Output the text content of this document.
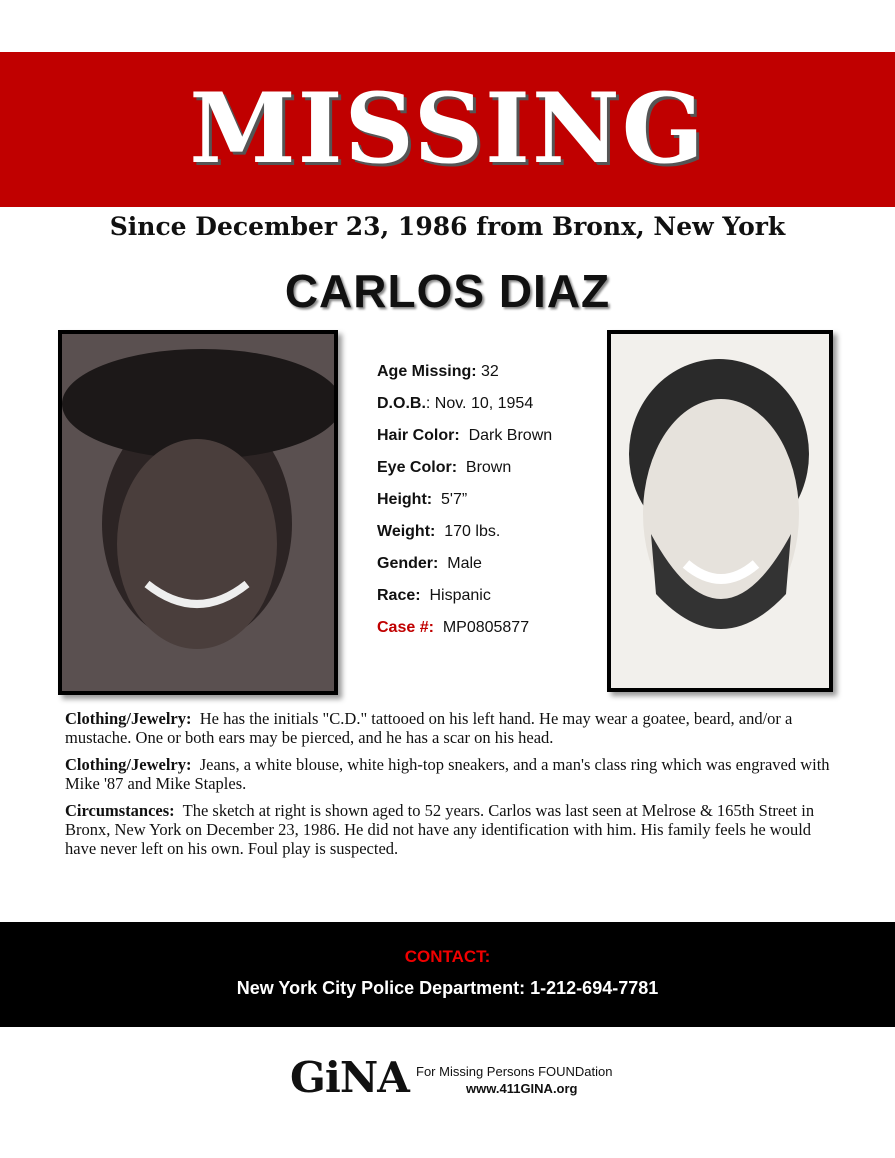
MISSING
Since December 23, 1986 from Bronx, New York
CARLOS DIAZ
Age Missing: 32
D.O.B.: Nov. 10, 1954
Hair Color: Dark Brown
Eye Color: Brown
Height: 5'7”
Weight: 170 lbs.
Gender: Male
Race: Hispanic
Case #: MP0805877

Clothing/Jewelry: He has the initials "C.D." tattooed on his left hand. He may wear a goatee, beard, and/or a mustache. One or both ears may be pierced, and he has a scar on his head.

Clothing/Jewelry: Jeans, a white blouse, white high-top sneakers, and a man's class ring which was engraved with Mike '87 and Mike Staples.

Circumstances: The sketch at right is shown aged to 52 years. Carlos was last seen at Melrose & 165th Street in Bronx, New York on December 23, 1986. He did not have any identification with him. His family feels he would have never left on his own. Foul play is suspected.

CONTACT:
New York City Police Department: 1-212-694-7781
GiNA For Missing Persons FOUNDation
www.411GINA.org
